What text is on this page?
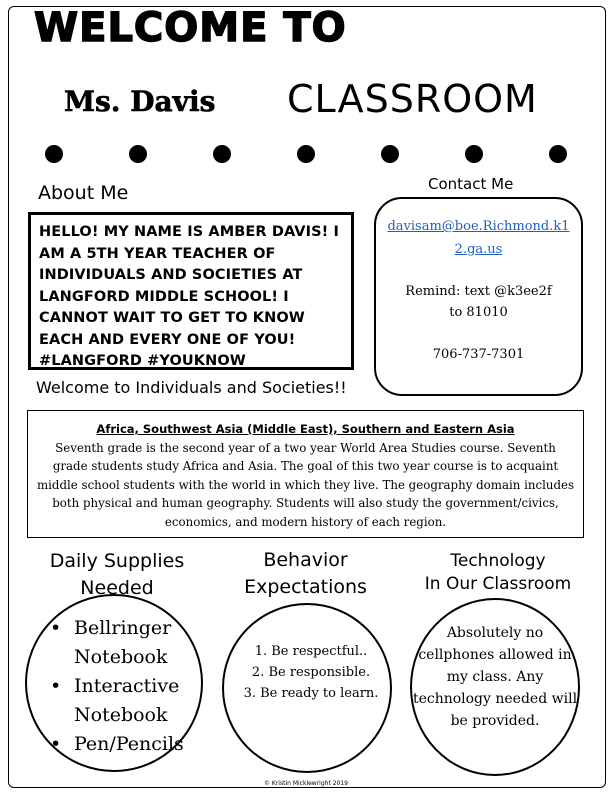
WELCOME TO
Ms. Davis CLASSROOM
About Me
HELLO! MY NAME IS AMBER DAVIS! I
AM A 5TH YEAR TEACHER OF
INDIVIDUALS AND SOCIETIES AT
LANGFORD MIDDLE SCHOOL! I
CANNOT WAIT TO GET TO KNOW
EACH AND EVERY ONE OF YOU!
#LANGFORD #YOUKNOW
Welcome to Individuals and Societies!!
Contact Me
davisam@boe.Richmond.k12.ga.us
Remind: text @k3ee2f
to 81010
706-737-7301
Africa, Southwest Asia (Middle East), Southern and Eastern Asia
Seventh grade is the second year of a two year World Area Studies course. Seventh grade students study Africa and Asia. The goal of this two year course is to acquaint middle school students with the world in which they live. The geography domain includes both physical and human geography. Students will also study the government/civics, economics, and modern history of each region.
Daily Supplies
Needed
Behavior
Expectations
Technology
In Our Classroom
• Bellringer
Notebook
• Interactive
Notebook
• Pen/Pencils
1. Be respectful..
2. Be responsible.
3. Be ready to learn.
Absolutely no cellphones allowed in my class. Any technology needed will be provided.
© Kristin Micklewright 2019
